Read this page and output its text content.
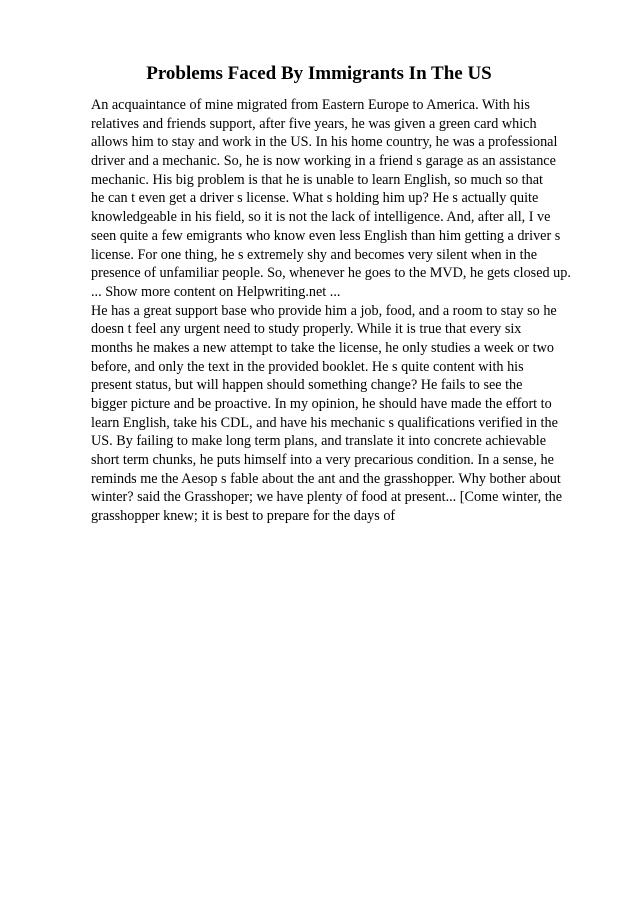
Problems Faced By Immigrants In The US
An acquaintance of mine migrated from Eastern Europe to America. With his
relatives and friends support, after five years, he was given a green card which
allows him to stay and work in the US. In his home country, he was a professional
driver and a mechanic. So, he is now working in a friend s garage as an assistance
mechanic. His big problem is that he is unable to learn English, so much so that
he can t even get a driver s license. What s holding him up? He s actually quite
knowledgeable in his field, so it is not the lack of intelligence. And, after all, I ve
seen quite a few emigrants who know even less English than him getting a driver s
license. For one thing, he s extremely shy and becomes very silent when in the
presence of unfamiliar people. So, whenever he goes to the MVD, he gets closed up.
... Show more content on Helpwriting.net ...
He has a great support base who provide him a job, food, and a room to stay so he
doesn t feel any urgent need to study properly. While it is true that every six
months he makes a new attempt to take the license, he only studies a week or two
before, and only the text in the provided booklet. He s quite content with his
present status, but will happen should something change? He fails to see the
bigger picture and be proactive. In my opinion, he should have made the effort to
learn English, take his CDL, and have his mechanic s qualifications verified in the
US. By failing to make long term plans, and translate it into concrete achievable
short term chunks, he puts himself into a very precarious condition. In a sense, he
reminds me the Aesop s fable about the ant and the grasshopper. Why bother about
winter? said the Grasshoper; we have plenty of food at present... [Come winter, the
grasshopper knew; it is best to prepare for the days of
